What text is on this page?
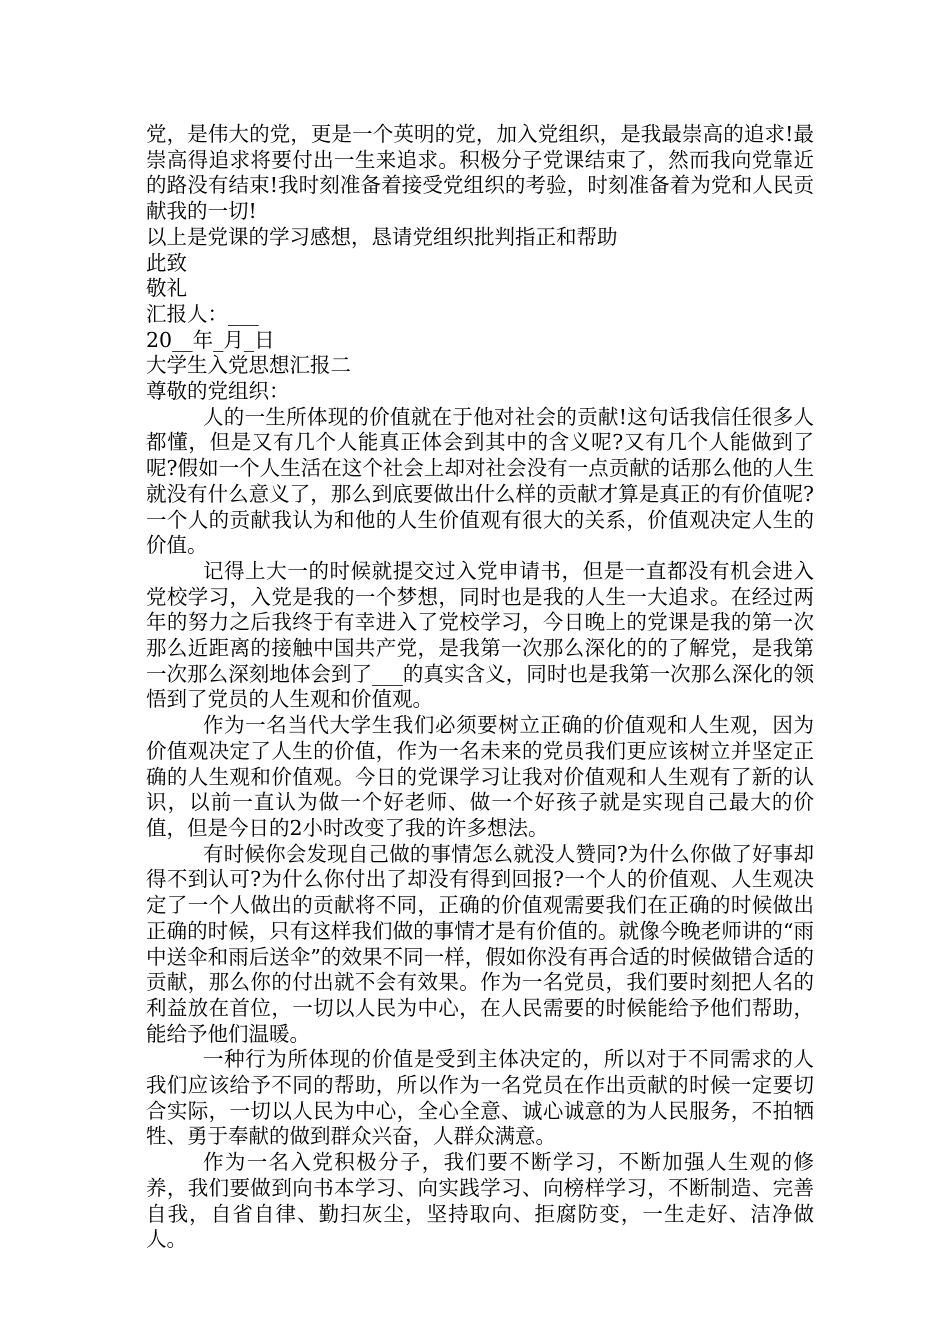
党，是伟大的党，更是一个英明的党，加入党组织，是我最崇高的追求!最崇高得追求将要付出一生来追求。积极分子党课结束了，然而我向党靠近的路没有结束!我时刻准备着接受党组织的考验，时刻准备着为党和人民贡献我的一切!

以上是党课的学习感想，恳请党组织批判指正和帮助

此致

敬礼

汇报人：___

20__年_月_日

大学生入党思想汇报二

尊敬的党组织：

人的一生所体现的价值就在于他对社会的贡献!这句话我信任很多人都懂，但是又有几个人能真正体会到其中的含义呢?又有几个人能做到了呢?假如一个人生活在这个社会上却对社会没有一点贡献的话那么他的人生就没有什么意义了，那么到底要做出什么样的贡献才算是真正的有价值呢?一个人的贡献我认为和他的人生价值观有很大的关系，价值观决定人生的价值。

记得上大一的时候就提交过入党申请书，但是一直都没有机会进入党校学习，入党是我的一个梦想，同时也是我的人生一大追求。在经过两年的努力之后我终于有幸进入了党校学习，今日晚上的党课是我的第一次那么近距离的接触中国共产党，是我第一次那么深化的的了解党，是我第一次那么深刻地体会到了___的真实含义，同时也是我第一次那么深化的领悟到了党员的人生观和价值观。

作为一名当代大学生我们必须要树立正确的价值观和人生观，因为价值观决定了人生的价值，作为一名未来的党员我们更应该树立并坚定正确的人生观和价值观。今日的党课学习让我对价值观和人生观有了新的认识，以前一直认为做一个好老师、做一个好孩子就是实现自己最大的价值，但是今日的2小时改变了我的许多想法。

有时候你会发现自己做的事情怎么就没人赞同?为什么你做了好事却得不到认可?为什么你付出了却没有得到回报?一个人的价值观、人生观决定了一个人做出的贡献将不同，正确的价值观需要我们在正确的时候做出正确的时候，只有这样我们做的事情才是有价值的。就像今晚老师讲的“雨中送伞和雨后送伞”的效果不同一样，假如你没有再合适的时候做错合适的贡献，那么你的付出就不会有效果。作为一名党员，我们要时刻把人名的利益放在首位，一切以人民为中心，在人民需要的时候能给予他们帮助，能给予他们温暖。

一种行为所体现的价值是受到主体决定的，所以对于不同需求的人我们应该给予不同的帮助，所以作为一名党员在作出贡献的时候一定要切合实际，一切以人民为中心，全心全意、诚心诚意的为人民服务，不拍牺牲、勇于奉献的做到群众兴奋，人群众满意。

作为一名入党积极分子，我们要不断学习，不断加强人生观的修养，我们要做到向书本学习、向实践学习、向榜样学习，不断制造、完善自我，自省自律、勤扫灰尘，坚持取向、拒腐防变，一生走好、洁净做人。
